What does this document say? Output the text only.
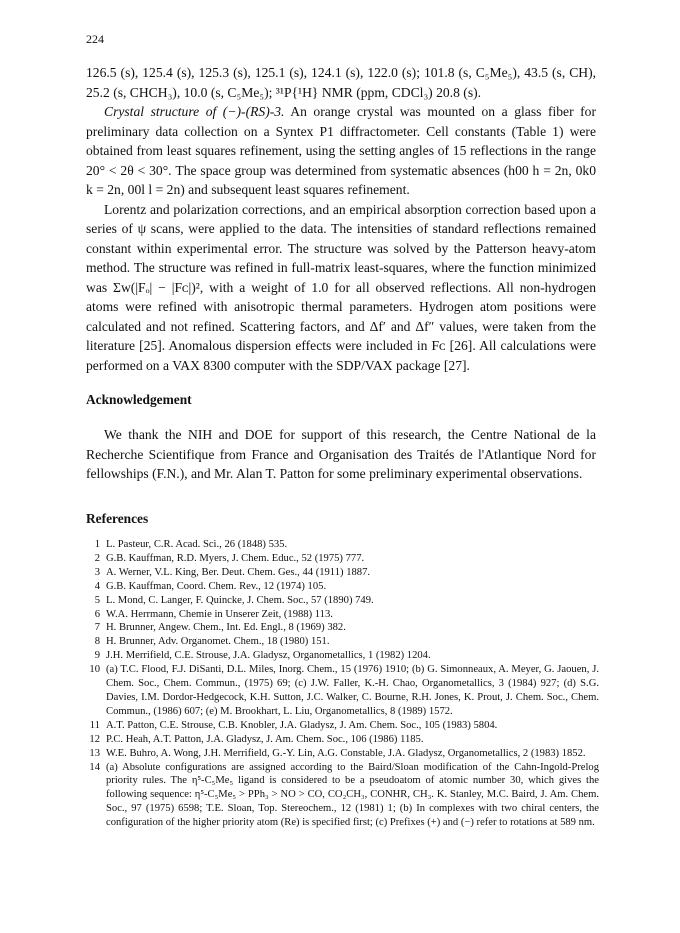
224

126.5 (s), 125.4 (s), 125.3 (s), 125.1 (s), 124.1 (s), 122.0 (s); 101.8 (s, C₅Me₅), 43.5 (s, CH), 25.2 (s, CHCH₃), 10.0 (s, C₅Me₅); ³¹P{¹H} NMR (ppm, CDCl₃) 20.8 (s).

Crystal structure of (−)-(RS)-3. An orange crystal was mounted on a glass fiber for preliminary data collection on a Syntex P1 diffractometer. Cell constants (Table 1) were obtained from least squares refinement, using the setting angles of 15 reflections in the range 20° < 2θ < 30°. The space group was determined from systematic absences (h00 h = 2n, 0k0 k = 2n, 00l l = 2n) and subsequent least squares refinement.

Lorentz and polarization corrections, and an empirical absorption correction based upon a series of ψ scans, were applied to the data. The intensities of standard reflections remained constant within experimental error. The structure was solved by the Patterson heavy-atom method. The structure was refined in full-matrix least-squares, where the function minimized was Σw(|Fₒ| − |Fᴄ|)², with a weight of 1.0 for all observed reflections. All non-hydrogen atoms were refined with anisotropic thermal parameters. Hydrogen atom positions were calculated and not refined. Scattering factors, and Δf′ and Δf″ values, were taken from the literature [25]. Anomalous dispersion effects were included in Fᴄ [26]. All calculations were performed on a VAX 8300 computer with the SDP/VAX package [27].

Acknowledgement
We thank the NIH and DOE for support of this research, the Centre National de la Recherche Scientifique from France and Organisation des Traités de l'Atlantique Nord for fellowships (F.N.), and Mr. Alan T. Patton for some preliminary experimental observations.
References
1 L. Pasteur, C.R. Acad. Sci., 26 (1848) 535.
2 G.B. Kauffman, R.D. Myers, J. Chem. Educ., 52 (1975) 777.
3 A. Werner, V.L. King, Ber. Deut. Chem. Ges., 44 (1911) 1887.
4 G.B. Kauffman, Coord. Chem. Rev., 12 (1974) 105.
5 L. Mond, C. Langer, F. Quincke, J. Chem. Soc., 57 (1890) 749.
6 W.A. Herrmann, Chemie in Unserer Zeit, (1988) 113.
7 H. Brunner, Angew. Chem., Int. Ed. Engl., 8 (1969) 382.
8 H. Brunner, Adv. Organomet. Chem., 18 (1980) 151.
9 J.H. Merrifield, C.E. Strouse, J.A. Gladysz, Organometallics, 1 (1982) 1204.
10 (a) T.C. Flood, F.J. DiSanti, D.L. Miles, Inorg. Chem., 15 (1976) 1910; (b) G. Simonneaux, A. Meyer, G. Jaouen, J. Chem. Soc., Chem. Commun., (1975) 69; (c) J.W. Faller, K.-H. Chao, Organometallics, 3 (1984) 927; (d) S.G. Davies, I.M. Dordor-Hedgecock, K.H. Sutton, J.C. Walker, C. Bourne, R.H. Jones, K. Prout, J. Chem. Soc., Chem. Commun., (1986) 607; (e) M. Brookhart, L. Liu, Organometallics, 8 (1989) 1572.
11 A.T. Patton, C.E. Strouse, C.B. Knobler, J.A. Gladysz, J. Am. Chem. Soc., 105 (1983) 5804.
12 P.C. Heah, A.T. Patton, J.A. Gladysz, J. Am. Chem. Soc., 106 (1986) 1185.
13 W.E. Buhro, A. Wong, J.H. Merrifield, G.-Y. Lin, A.G. Constable, J.A. Gladysz, Organometallics, 2 (1983) 1852.
14 (a) Absolute configurations are assigned according to the Baird/Sloan modification of the Cahn-Ingold-Prelog priority rules. The η⁵-C₅Me₅ ligand is considered to be a pseudoatom of atomic number 30, which gives the following sequence: η⁵-C₅Me₅ > PPh₃ > NO > CO, CO₂CH₃, CONHR, CH₃. K. Stanley, M.C. Baird, J. Am. Chem. Soc., 97 (1975) 6598; T.E. Sloan, Top. Stereochem., 12 (1981) 1; (b) In complexes with two chiral centers, the configuration of the higher priority atom (Re) is specified first; (c) Prefixes (+) and (−) refer to rotations at 589 nm.
